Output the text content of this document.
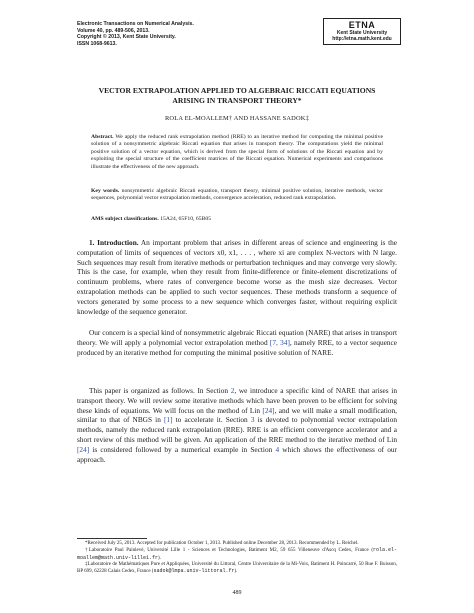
Electronic Transactions on Numerical Analysis.
Volume 40, pp. 489-506, 2013.
Copyright © 2013, Kent State University.
ISSN 1068-9613.
ETNA
Kent State University
http://etna.math.kent.edu
VECTOR EXTRAPOLATION APPLIED TO ALGEBRAIC RICCATI EQUATIONS
ARISING IN TRANSPORT THEORY*
ROLA EL-MOALLEM† AND HASSANE SADOK‡
Abstract. We apply the reduced rank extrapolation method (RRE) to an iterative method for computing the minimal positive solution of a nonsymmetric algebraic Riccati equation that arises in transport theory. The computations yield the minimal positive solution of a vector equation, which is derived from the special form of solutions of the Riccati equation and by exploiting the special structure of the coefficient matrices of the Riccati equation. Numerical experiments and comparisons illustrate the effectiveness of the new approach.
Key words. nonsymmetric algebraic Riccati equation, transport theory, minimal positive solution, iterative methods, vector sequences, polynomial vector extrapolation methods, convergence acceleration, reduced rank extrapolation.
AMS subject classifications. 15A24, 65F10, 65B05

1. Introduction. An important problem that arises in different areas of science and engineering is the computation of limits of sequences of vectors x0, x1, . . . , where xi are complex N-vectors with N large. Such sequences may result from iterative methods or perturbation techniques and may converge very slowly. This is the case, for example, when they result from finite-difference or finite-element discretizations of continuum problems, where rates of convergence become worse as the mesh size decreases. Vector extrapolation methods can be applied to such vector sequences. These methods transform a sequence of vectors generated by some process to a new sequence which converges faster, without requiring explicit knowledge of the sequence generator.

Our concern is a special kind of nonsymmetric algebraic Riccati equation (NARE) that arises in transport theory. We will apply a polynomial vector extrapolation method [7, 34], namely RRE, to a vector sequence produced by an iterative method for computing the minimal positive solution of NARE.

This paper is organized as follows. In Section 2, we introduce a specific kind of NARE that arises in transport theory. We will review some iterative methods which have been proven to be efficient for solving these kinds of equations. We will focus on the method of Lin [24], and we will make a small modification, similar to that of NBGS in [1] to accelerate it. Section 3 is devoted to polynomial vector extrapolation methods, namely the reduced rank extrapolation (RRE). RRE is an efficient convergence accelerator and a short review of this method will be given. An application of the RRE method to the iterative method of Lin [24] is considered followed by a numerical example in Section 4 which shows the effectiveness of our approach.

*Received July 25, 2013. Accepted for publication October 1, 2013. Published online December 28, 2013. Recommended by L. Reichel.
†Laboratoire Paul Painlevé, Université Lille 1 - Sciences et Technologies, Batiment M2, 59 655 Villeneuve d'Ascq Cedex, France (rola.el-moallem@math.univ-lille1.fr).
‡Laboratoire de Mathématiques Pure et Appliquées, Université du Littoral, Centre Universitaire de la Mi-Voix, Batiment H. Poincarré, 50 Rue F. Buisson, BP 699, 62228 Calais Cedex, France (sadok@lmpa.univ-littoral.fr).
489
